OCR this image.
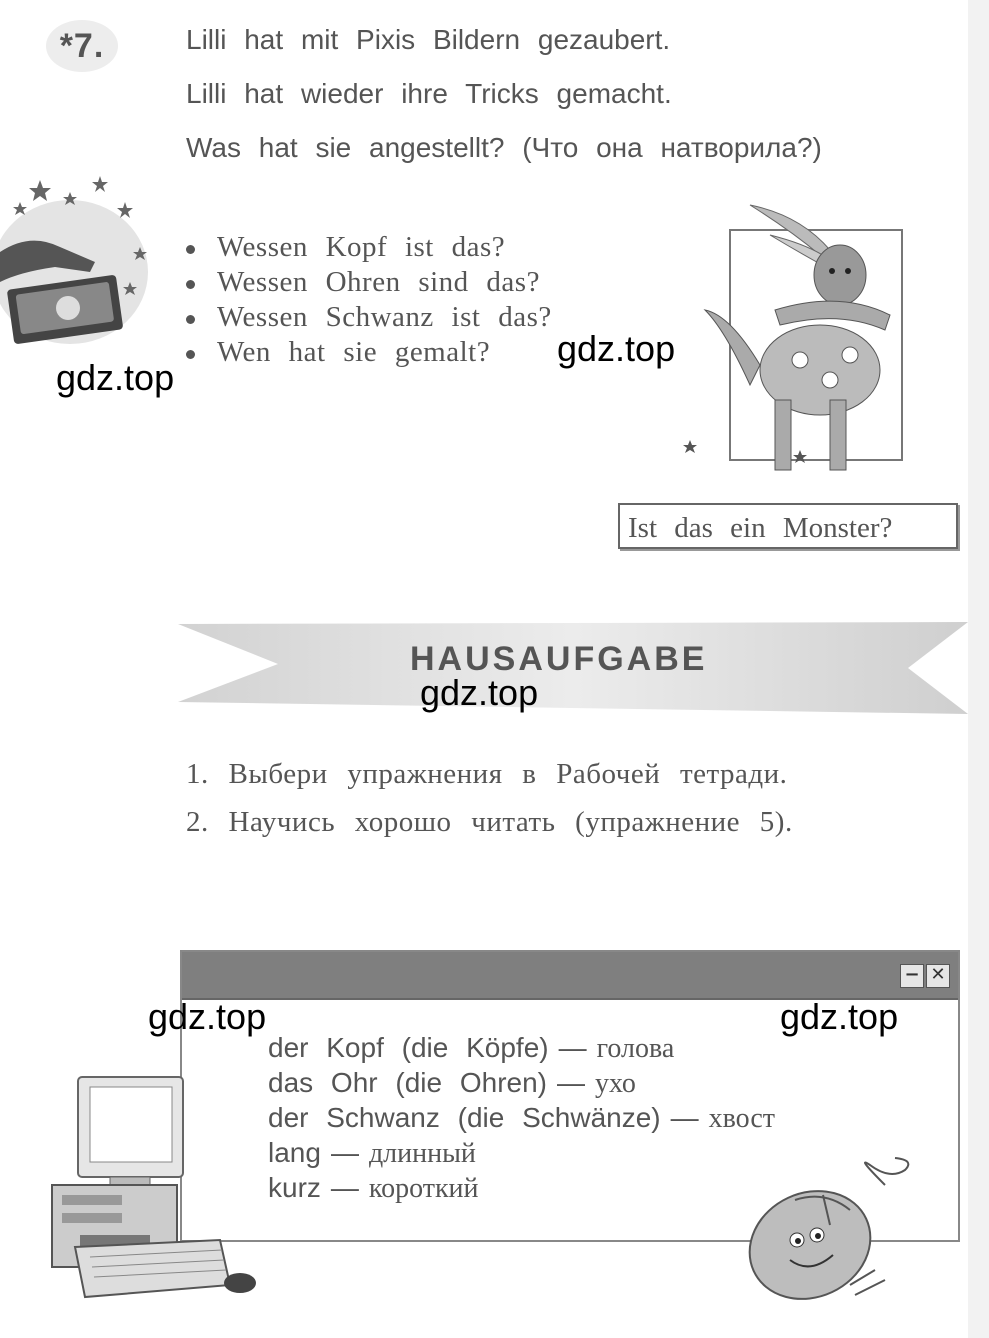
*7.	Lilli hat mit Pixis Bildern gezaubert.
Lilli hat wieder ihre Tricks gemacht.
Was hat sie angestellt? (Что она натворила?)
Wessen Kopf ist das?
Wessen Ohren sind das?
Wessen Schwanz ist das?
Wen hat sie gemalt?
gdz.top
gdz.top
Ist das ein Monster?
HAUSAUFGABE
gdz.top
1. Выбери упражнения в Рабочей тетради.
2. Научись хорошо читать (упражнение 5).
− ✕
gdz.top	gdz.top
der Kopf (die Köpfe) — голова
das Ohr (die Ohren) — ухо
der Schwanz (die Schwänze) — хвост
lang — длинный
kurz — короткий
